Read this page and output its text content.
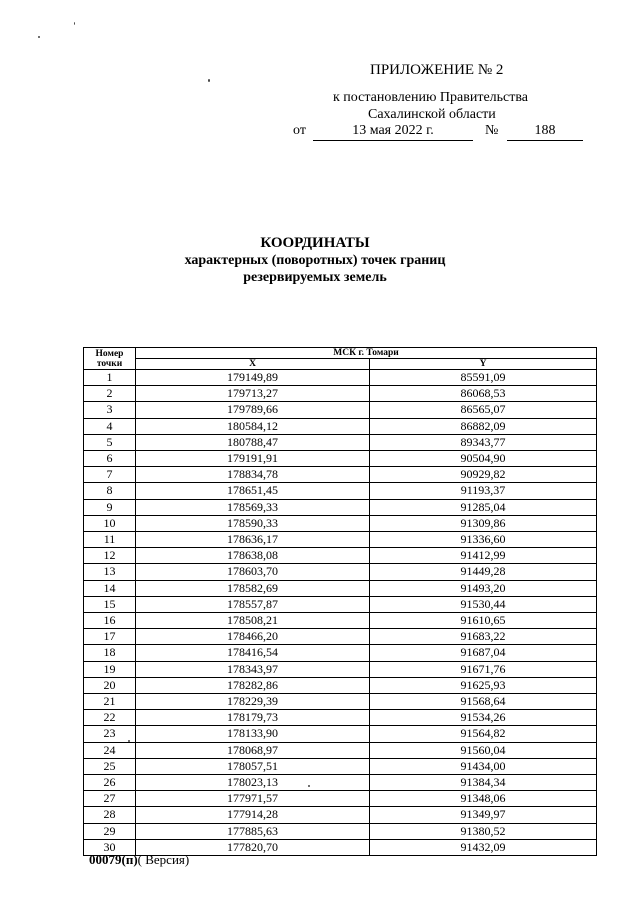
ПРИЛОЖЕНИЕ № 2
к постановлению Правительства
Сахалинской области
от	13 мая 2022 г.	№	188
КООРДИНАТЫ
характерных (поворотных) точек границ
резервируемых земель
Номер
точки	МСК г. Томари	
	X	Y
1	179149,89	85591,09
2	179713,27	86068,53
3	179789,66	86565,07
4	180584,12	86882,09
5	180788,47	89343,77
6	179191,91	90504,90
7	178834,78	90929,82
8	178651,45	91193,37
9	178569,33	91285,04
10	178590,33	91309,86
11	178636,17	91336,60
12	178638,08	91412,99
13	178603,70	91449,28
14	178582,69	91493,20
15	178557,87	91530,44
16	178508,21	91610,65
17	178466,20	91683,22
18	178416,54	91687,04
19	178343,97	91671,76
20	178282,86	91625,93
21	178229,39	91568,64
22	178179,73	91534,26
23	178133,90	91564,82
24	178068,97	91560,04
25	178057,51	91434,00
26	178023,13	91384,34
27	177971,57	91348,06
28	177914,28	91349,97
29	177885,63	91380,52
30	177820,70	91432,09
00079(п)( Версия)
